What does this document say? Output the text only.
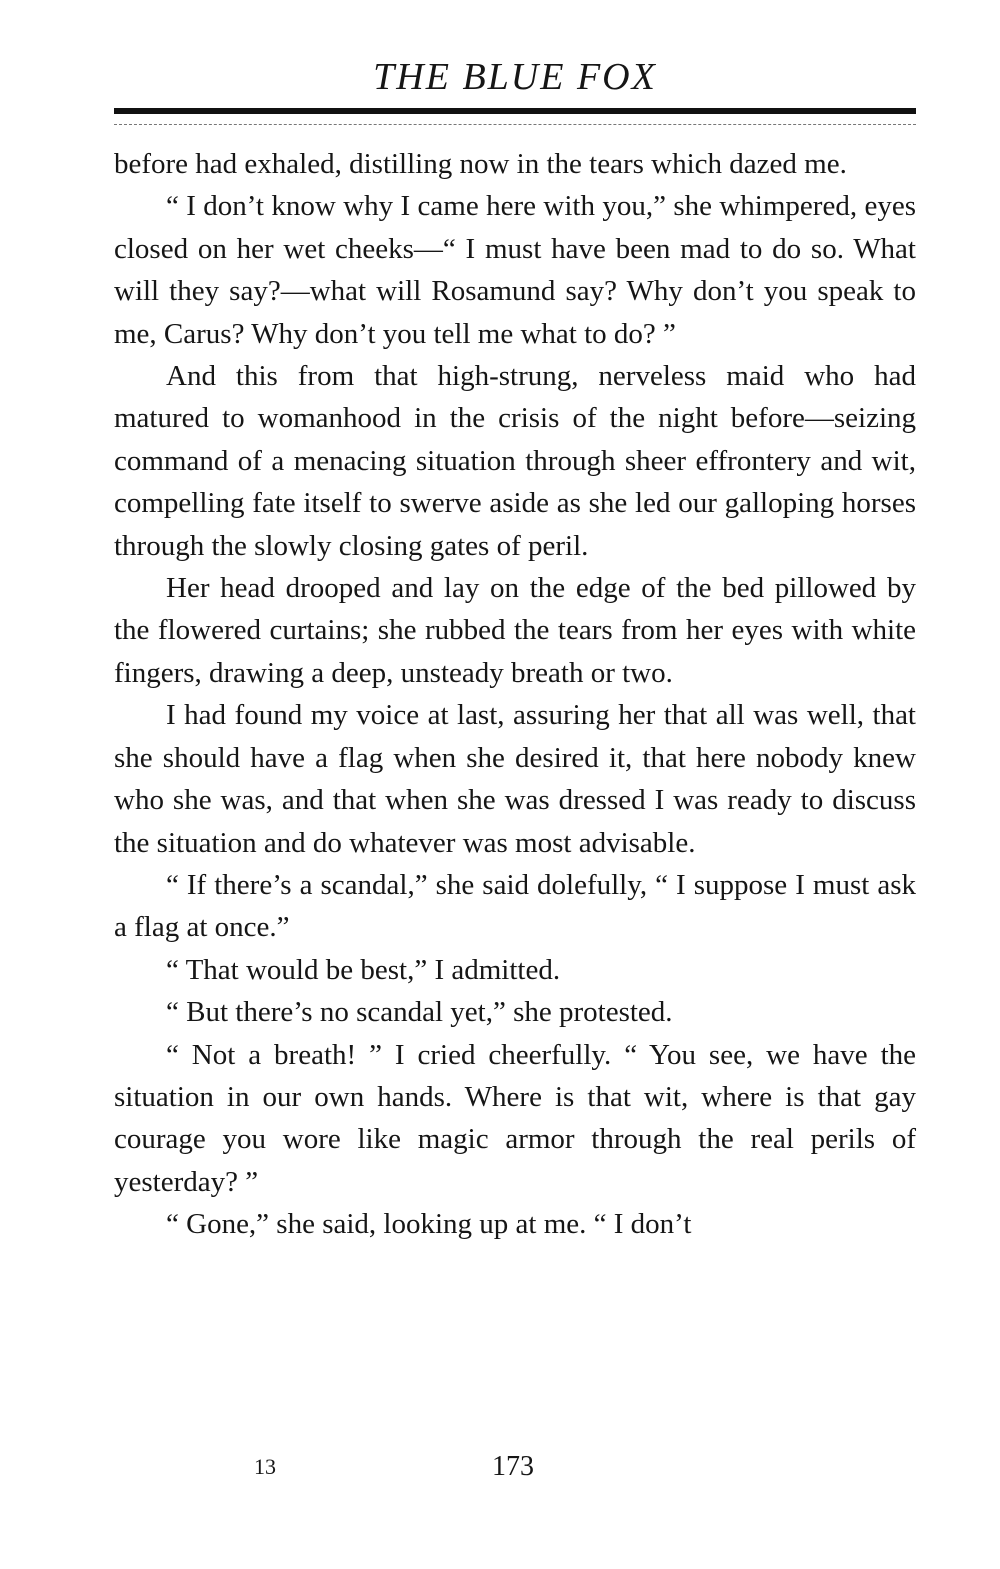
THE BLUE FOX

before had exhaled, distilling now in the tears which dazed me.

“ I don’t know why I came here with you,” she whimpered, eyes closed on her wet cheeks—“ I must have been mad to do so. What will they say?—what will Rosamund say? Why don’t you speak to me, Carus? Why don’t you tell me what to do? ”

And this from that high-strung, nerveless maid who had matured to womanhood in the crisis of the night before—seizing command of a menacing situation through sheer effrontery and wit, compelling fate itself to swerve aside as she led our galloping horses through the slowly closing gates of peril.

Her head drooped and lay on the edge of the bed pillowed by the flowered curtains; she rubbed the tears from her eyes with white fingers, drawing a deep, unsteady breath or two.

I had found my voice at last, assuring her that all was well, that she should have a flag when she desired it, that here nobody knew who she was, and that when she was dressed I was ready to discuss the situation and do whatever was most advisable.

“ If there’s a scandal,” she said dolefully, “ I suppose I must ask a flag at once.”

“ That would be best,” I admitted.

“ But there’s no scandal yet,” she protested.

“ Not a breath! ” I cried cheerfully. “ You see, we have the situation in our own hands. Where is that wit, where is that gay courage you wore like magic armor through the real perils of yesterday? ”

“ Gone,” she said, looking up at me. “ I don’t

13	173
